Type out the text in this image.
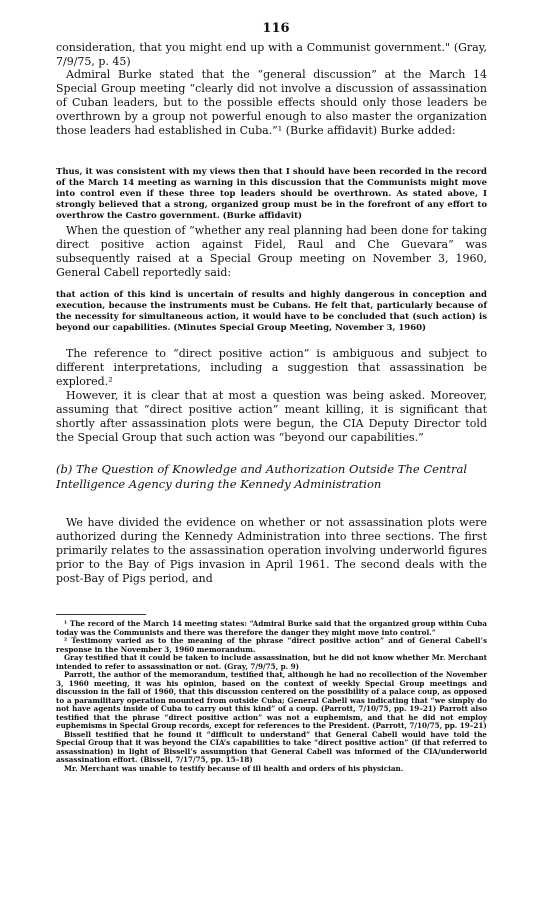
116

consideration, that you might end up with a Communist government." (Gray, 7/9/75, p. 45)

Admiral Burke stated that the “general discussion” at the March 14 Special Group meeting “clearly did not involve a discussion of assassination of Cuban leaders, but to the possible effects should only those leaders be overthrown by a group not powerful enough to also master the organization those leaders had established in Cuba.”¹ (Burke affidavit) Burke added:

Thus, it was consistent with my views then that I should have been recorded in the record of the March 14 meeting as warning in this discussion that the Communists might move into control even if these three top leaders should be overthrown. As stated above, I strongly believed that a strong, organized group must be in the forefront of any effort to overthrow the Castro government. (Burke affidavit)

When the question of “whether any real planning had been done for taking direct positive action against Fidel, Raul and Che Guevara” was subsequently raised at a Special Group meeting on November 3, 1960, General Cabell reportedly said:

that action of this kind is uncertain of results and highly dangerous in conception and execution, because the instruments must be Cubans. He felt that, particularly because of the necessity for simultaneous action, it would have to be concluded that (such action) is beyond our capabilities. (Minutes Special Group Meeting, November 3, 1960)

The reference to “direct positive action” is ambiguous and subject to different interpretations, including a suggestion that assassination be explored.²

However, it is clear that at most a question was being asked. Moreover, assuming that “direct positive action” meant killing, it is significant that shortly after assassination plots were begun, the CIA Deputy Director told the Special Group that such action was “beyond our capabilities.”

(b) The Question of Knowledge and Authorization Outside The Central Intelligence Agency during the Kennedy Administration

We have divided the evidence on whether or not assassination plots were authorized during the Kennedy Administration into three sections. The first primarily relates to the assassination operation involving underworld figures prior to the Bay of Pigs invasion in April 1961. The second deals with the post-Bay of Pigs period, and

¹ The record of the March 14 meeting states: “Admiral Burke said that the organized group within Cuba today was the Communists and there was therefore the danger they might move into control.”

² Testimony varied as to the meaning of the phrase “direct positive action” and of General Cabell’s response in the November 3, 1960 memorandum.

Gray testified that it could be taken to include assassination, but he did not know whether Mr. Merchant intended to refer to assassination or not. (Gray, 7/9/75, p. 9)

Parrott, the author of the memorandum, testified that, although he had no recollection of the November 3, 1960 meeting, it was his opinion, based on the context of weekly Special Group meetings and discussion in the fall of 1960, that this discussion centered on the possibility of a palace coup, as opposed to a paramilitary operation mounted from outside Cuba; General Cabell was indicating that “we simply do not have agents inside of Cuba to carry out this kind” of a coup. (Parrott, 7/10/75, pp. 19–21) Parrott also testified that the phrase “direct positive action” was not a euphemism, and that he did not employ euphemisms in Special Group records, except for references to the President. (Parrott, 7/10/75, pp. 19–21)

Bissell testified that he found it “difficult to understand” that General Cabell would have told the Special Group that it was beyond the CIA’s capabilities to take “direct positive action” (if that referred to assassination) in light of Bissell’s assumption that General Cabell was informed of the CIA/underworld assassination effort. (Bissell, 7/17/75, pp. 15–18)

Mr. Merchant was unable to testify because of ill health and orders of his physician.
